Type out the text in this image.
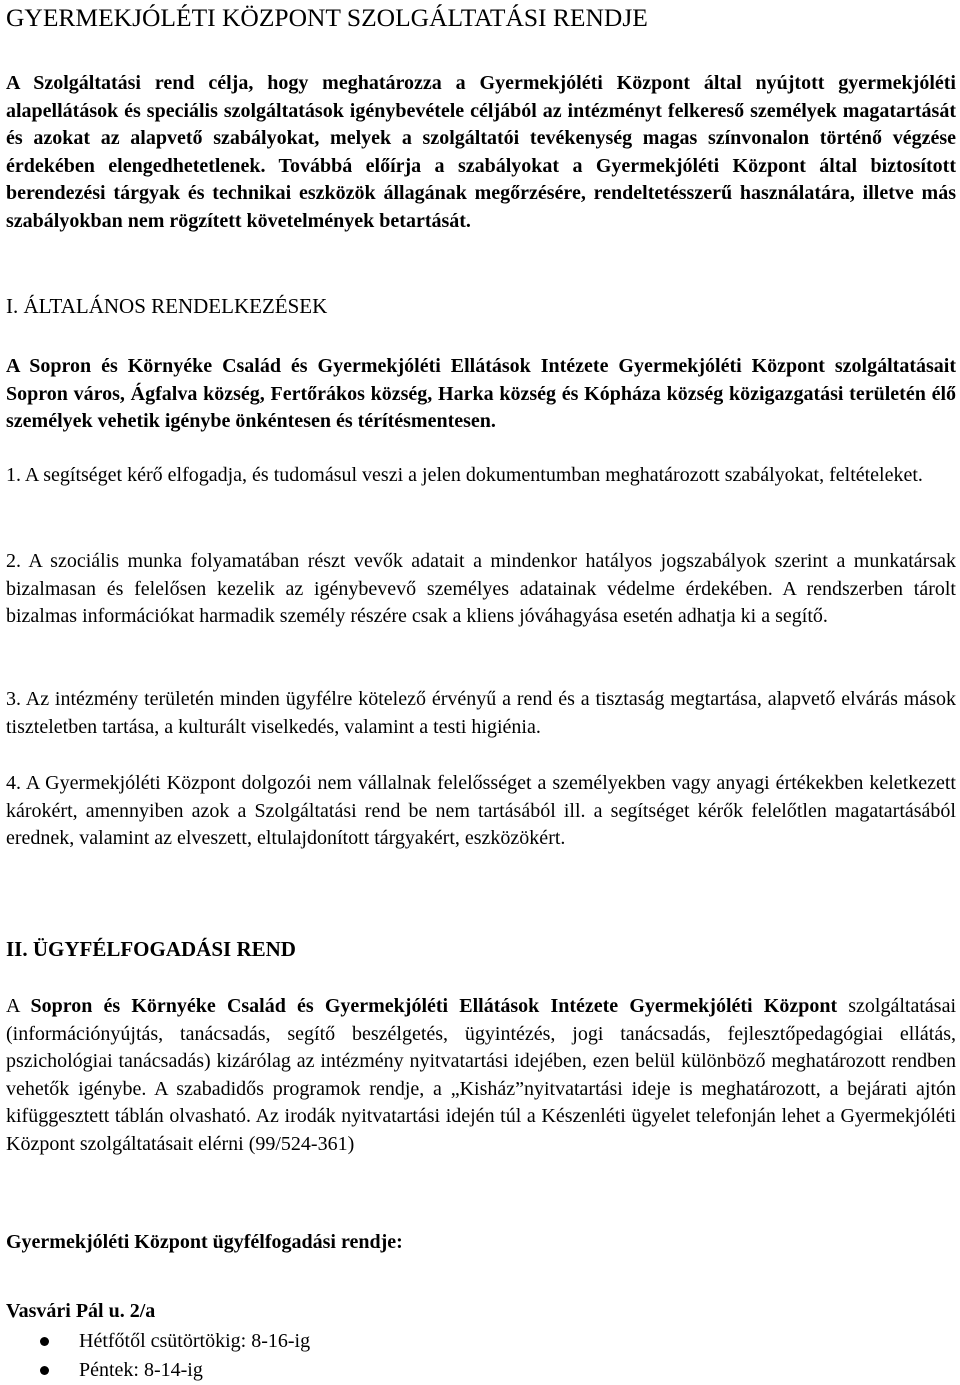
GYERMEKJÓLÉTI KÖZPONT SZOLGÁLTATÁSI RENDJE

A Szolgáltatási rend célja, hogy meghatározza a Gyermekjóléti Központ által nyújtott gyermekjóléti alapellátások és speciális szolgáltatások igénybevétele céljából az intézményt felkereső személyek magatartását és azokat az alapvető szabályokat, melyek a szolgáltatói tevékenység magas színvonalon történő végzése érdekében elengedhetetlenek. Továbbá előírja a szabályokat a Gyermekjóléti Központ által biztosított berendezési tárgyak és technikai eszközök állagának megőrzésére, rendeltetésszerű használatára, illetve más szabályokban nem rögzített követelmények betartását.

I. ÁLTALÁNOS RENDELKEZÉSEK

A Sopron és Környéke Család és Gyermekjóléti Ellátások Intézete Gyermekjóléti Központ szolgáltatásait Sopron város, Ágfalva község, Fertőrákos község, Harka község és Kópháza község közigazgatási területén élő személyek vehetik igénybe önkéntesen és térítésmentesen.

1. A segítséget kérő elfogadja, és tudomásul veszi a jelen dokumentumban meghatározott szabályokat, feltételeket.

2. A szociális munka folyamatában részt vevők adatait a mindenkor hatályos jogszabályok szerint a munkatársak bizalmasan és felelősen kezelik az igénybevevő személyes adatainak védelme érdekében. A rendszerben tárolt bizalmas információkat harmadik személy részére csak a kliens jóváhagyása esetén adhatja ki a segítő.

3. Az intézmény területén minden ügyfélre kötelező érvényű a rend és a tisztaság megtartása, alapvető elvárás mások tiszteletben tartása, a kulturált viselkedés, valamint a testi higiénia.

4. A Gyermekjóléti Központ dolgozói nem vállalnak felelősséget a személyekben vagy anyagi értékekben keletkezett károkért, amennyiben azok a Szolgáltatási rend be nem tartásából ill. a segítséget kérők felelőtlen magatartásából erednek, valamint az elveszett, eltulajdonított tárgyakért, eszközökért.

II. ÜGYFÉLFOGADÁSI REND

A Sopron és Környéke Család és Gyermekjóléti Ellátások Intézete Gyermekjóléti Központ szolgáltatásai (információnyújtás, tanácsadás, segítő beszélgetés, ügyintézés, jogi tanácsadás, fejlesztőpedagógiai ellátás, pszichológiai tanácsadás) kizárólag az intézmény nyitvatartási idejében, ezen belül különböző meghatározott rendben vehetők igénybe. A szabadidős programok rendje, a „Kisház”nyitvatartási ideje is meghatározott, a bejárati ajtón kifüggesztett táblán olvasható. Az irodák nyitvatartási idején túl a Készenléti ügyelet telefonján lehet a Gyermekjóléti Központ szolgáltatásait elérni (99/524-361)

Gyermekjóléti Központ ügyfélfogadási rendje:

Vasvári Pál u. 2/a

Hétfőtől csütörtökig: 8-16-ig
Péntek: 8-14-ig
